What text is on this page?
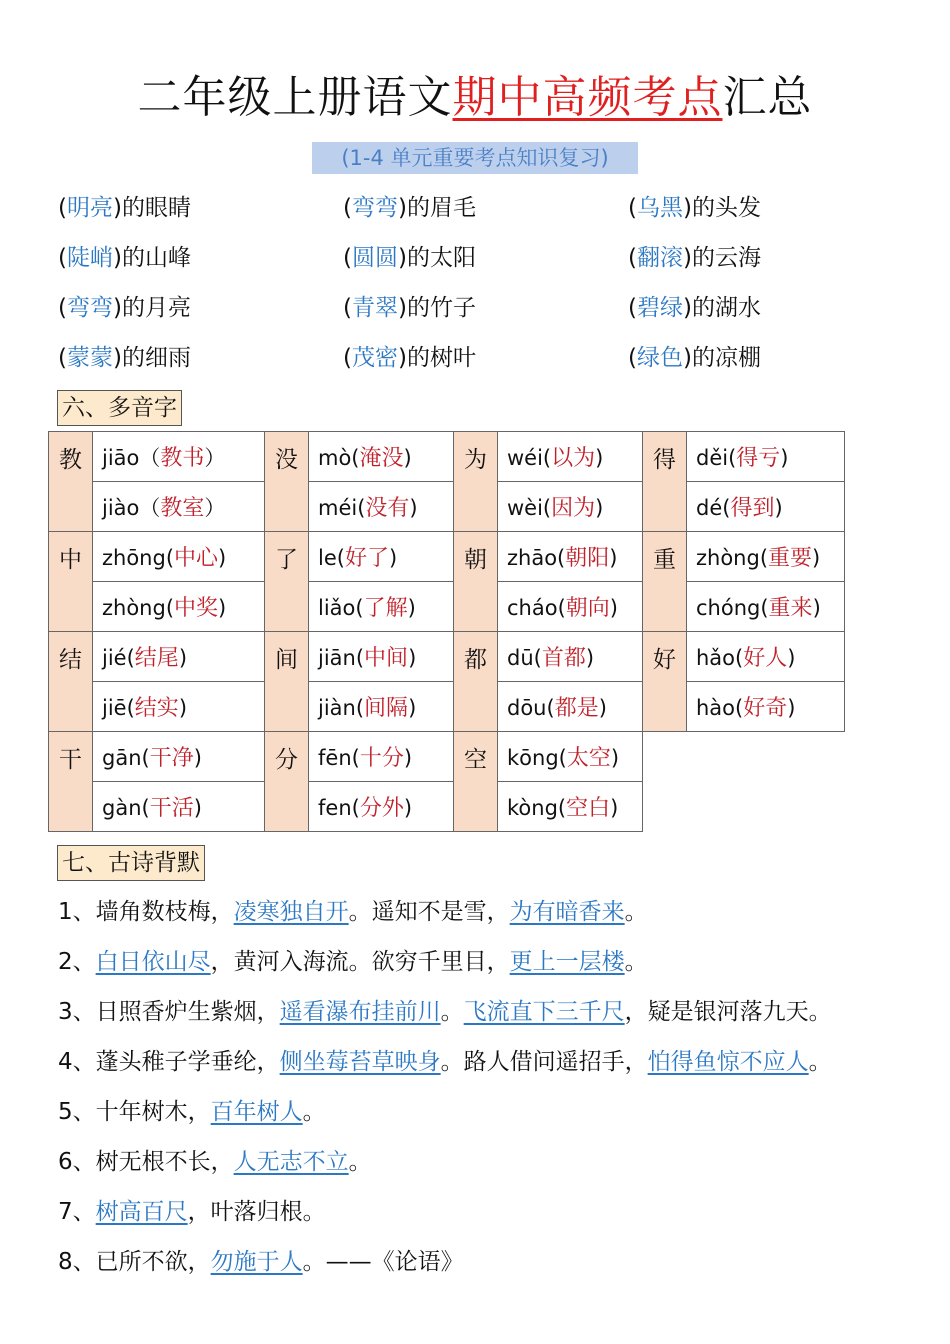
二年级上册语文期中高频考点汇总
(1-4 单元重要考点知识复习)
(明亮)的眼睛	(弯弯)的眉毛	(乌黑)的头发
(陡峭)的山峰	(圆圆)的太阳	(翻滚)的云海
(弯弯)的月亮	(青翠)的竹子	(碧绿)的湖水
(蒙蒙)的细雨	(茂密)的树叶	(绿色)的凉棚
六、多音字
教	jiāo（教书）	没	mò(淹没)	为	wéi(以为)	得	děi(得亏)
	jiào（教室）		méi(没有)		wèi(因为)		dé(得到)
中	zhōng(中心)	了	le(好了)	朝	zhāo(朝阳)	重	zhòng(重要)
	zhòng(中奖)		liǎo(了解)		cháo(朝向)		chóng(重来)
结	jié(结尾)	间	jiān(中间)	都	dū(首都)	好	hǎo(好人)
	jiē(结实)		jiàn(间隔)		dōu(都是)		hào(好奇)
干	gān(干净)	分	fēn(十分)	空	kōng(太空)		
	gàn(干活)		fen(分外)		kòng(空白)		
七、古诗背默
1、墙角数枝梅，凌寒独自开。遥知不是雪，为有暗香来。
2、白日依山尽，黄河入海流。欲穷千里目，更上一层楼。
3、日照香炉生紫烟，遥看瀑布挂前川。飞流直下三千尺，疑是银河落九天。
4、蓬头稚子学垂纶，侧坐莓苔草映身。路人借问遥招手，怕得鱼惊不应人。
5、十年树木，百年树人。
6、树无根不长，人无志不立。
7、树高百尺，叶落归根。
8、已所不欲，勿施于人。——《论语》
